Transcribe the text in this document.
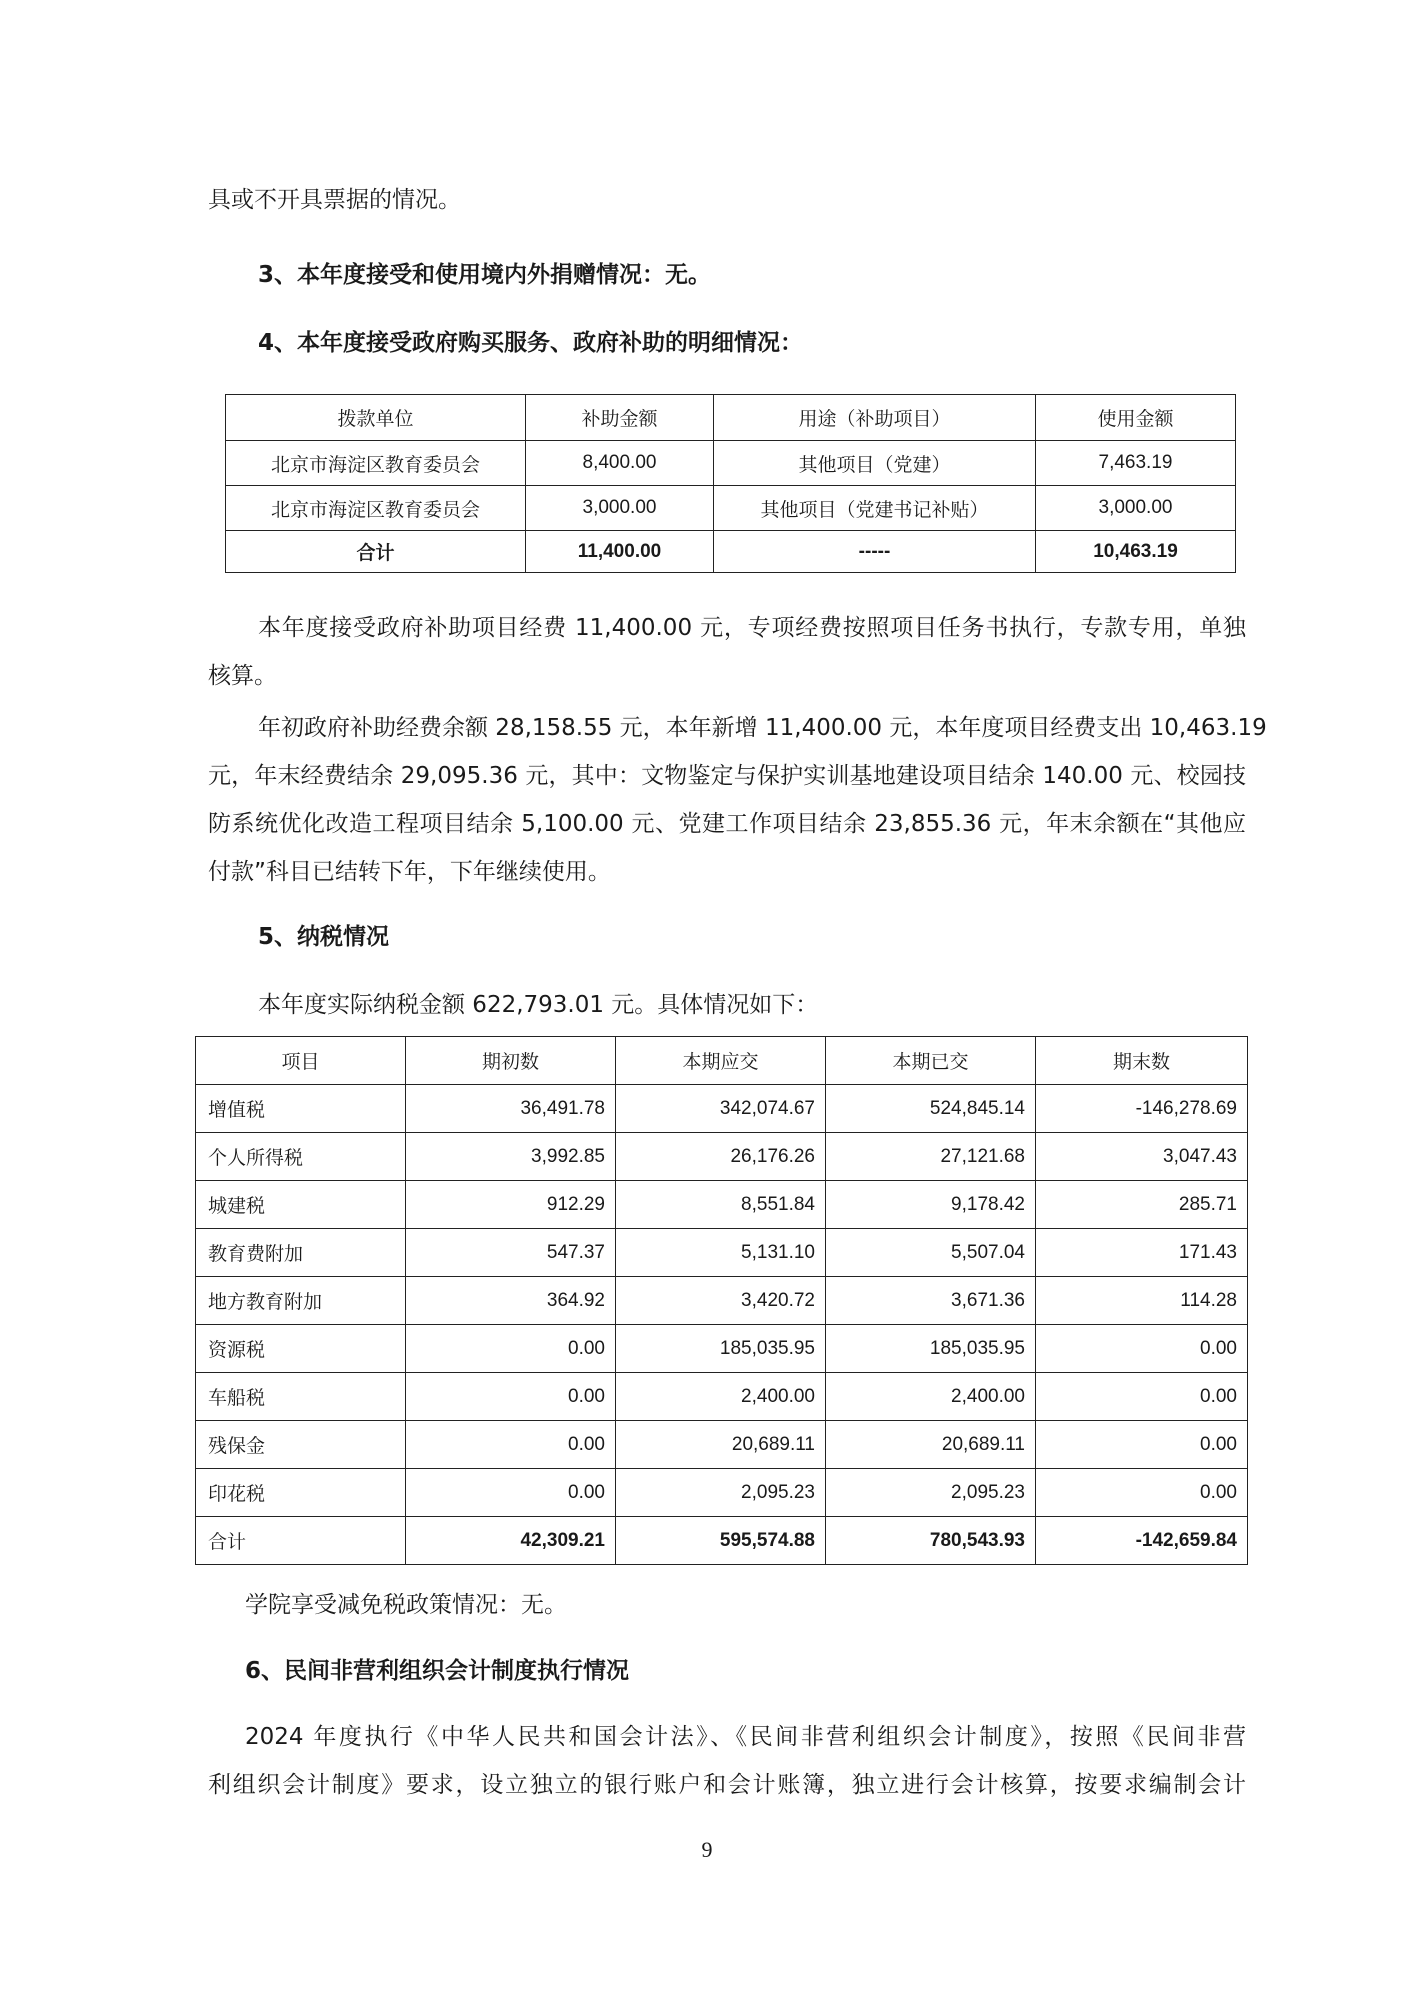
具或不开具票据的情况。

3、本年度接受和使用境内外捐赠情况：无。

4、本年度接受政府购买服务、政府补助的明细情况：

拨款单位	补助金额	用途（补助项目）	使用金额
北京市海淀区教育委员会	8,400.00	其他项目（党建）	7,463.19
北京市海淀区教育委员会	3,000.00	其他项目（党建书记补贴）	3,000.00
合计	11,400.00	-----	10,463.19

本年度接受政府补助项目经费 11,400.00 元，专项经费按照项目任务书执行，专款专用，单独

核算。

年初政府补助经费余额 28,158.55 元，本年新增 11,400.00 元，本年度项目经费支出 10,463.19

元，年末经费结余 29,095.36 元，其中：文物鉴定与保护实训基地建设项目结余 140.00 元、校园技

防系统优化改造工程项目结余 5,100.00 元、党建工作项目结余 23,855.36 元，年末余额在“其他应

付款”科目已结转下年，下年继续使用。

5、纳税情况

本年度实际纳税金额 622,793.01 元。具体情况如下：

项目	期初数	本期应交	本期已交	期末数
增值税	36,491.78	342,074.67	524,845.14	-146,278.69
个人所得税	3,992.85	26,176.26	27,121.68	3,047.43
城建税	912.29	8,551.84	9,178.42	285.71
教育费附加	547.37	5,131.10	5,507.04	171.43
地方教育附加	364.92	3,420.72	3,671.36	114.28
资源税	0.00	185,035.95	185,035.95	0.00
车船税	0.00	2,400.00	2,400.00	0.00
残保金	0.00	20,689.11	20,689.11	0.00
印花税	0.00	2,095.23	2,095.23	0.00
合计	42,309.21	595,574.88	780,543.93	-142,659.84

学院享受减免税政策情况：无。

6、民间非营利组织会计制度执行情况

2024 年度执行《中华人民共和国会计法》、《民间非营利组织会计制度》，按照《民间非营

利组织会计制度》要求，设立独立的银行账户和会计账簿，独立进行会计核算，按要求编制会计

9
